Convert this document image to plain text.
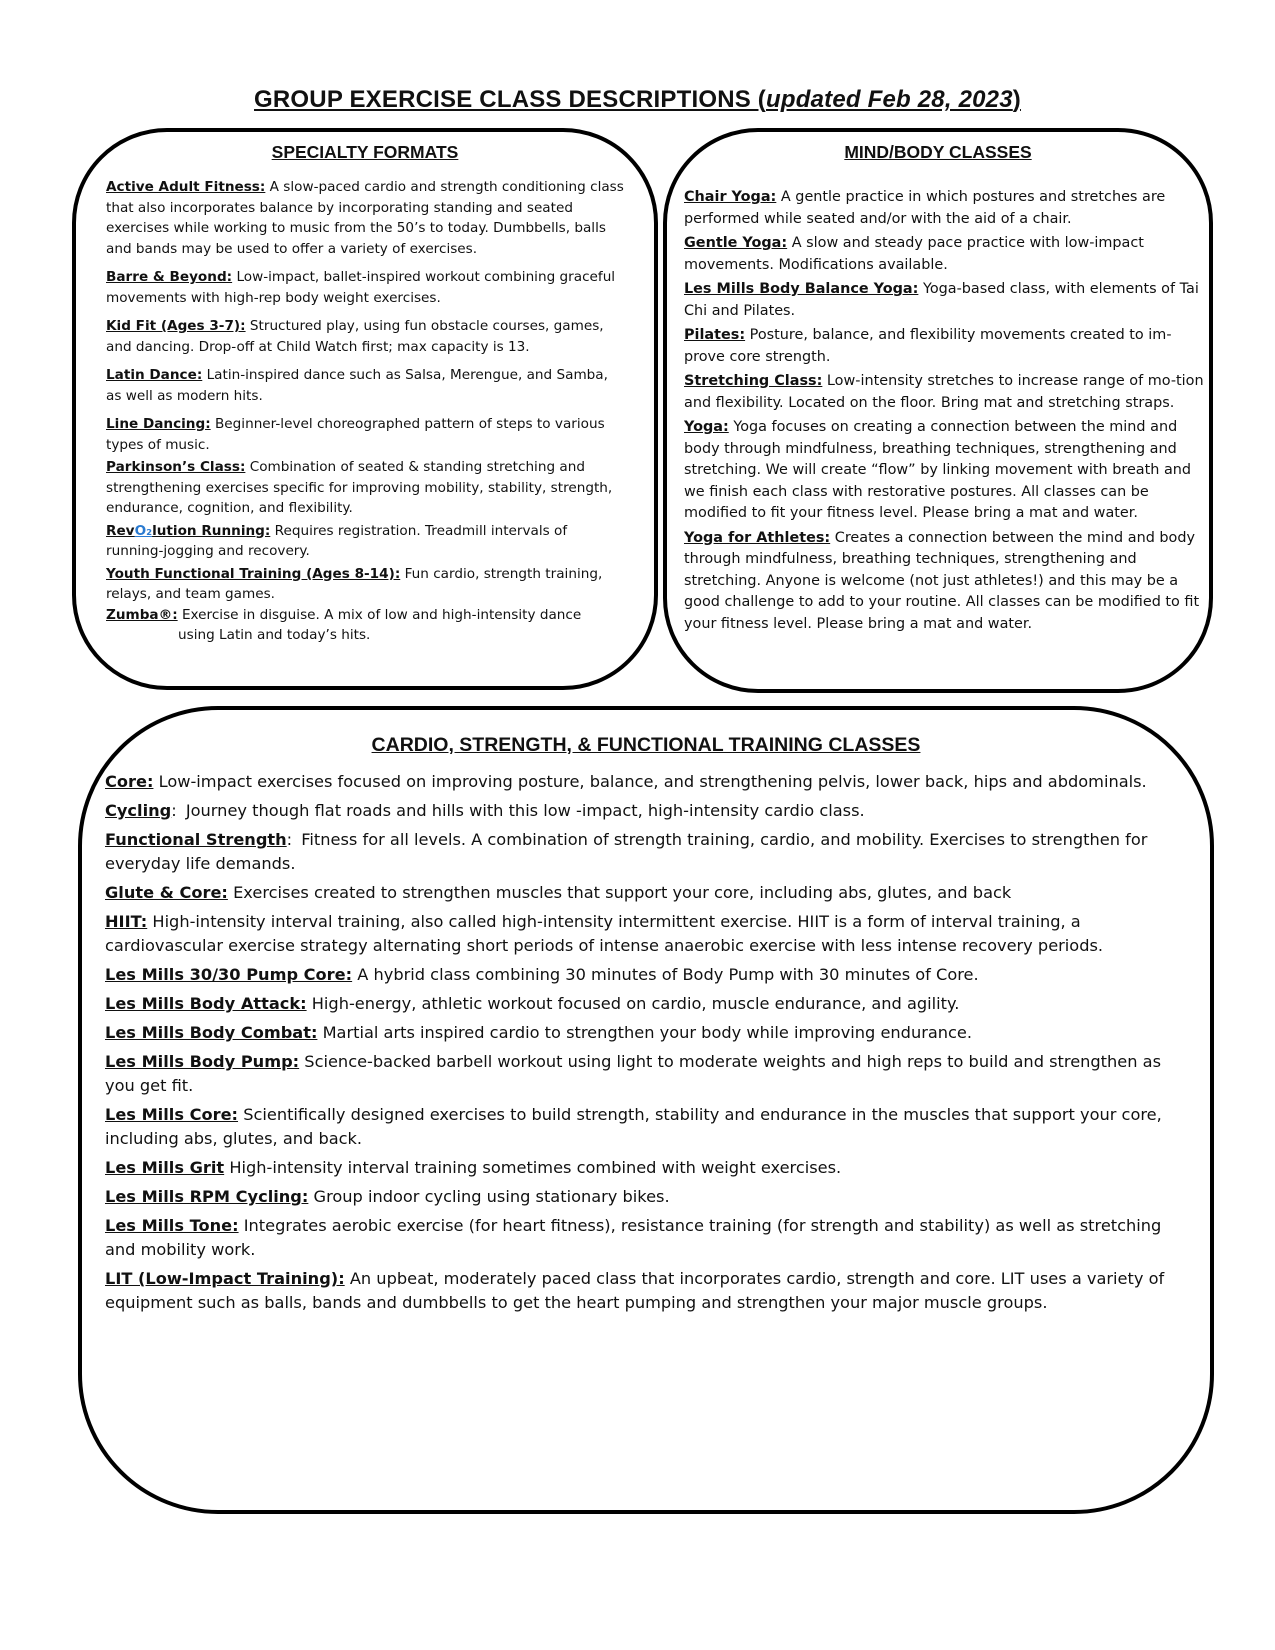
GROUP EXERCISE CLASS DESCRIPTIONS (updated Feb 28, 2023)
SPECIALTY FORMATS

Active Adult Fitness: A slow-paced cardio and strength conditioning class that also incorporates balance by incorporating standing and seated exercises while working to music from the 50’s to today. Dumbbells, balls and bands may be used to offer a variety of exercises.

Barre & Beyond: Low-impact, ballet-inspired workout combining graceful movements with high-rep body weight exercises.

Kid Fit (Ages 3-7): Structured play, using fun obstacle courses, games, and dancing. Drop-off at Child Watch first; max capacity is 13.

Latin Dance: Latin-inspired dance such as Salsa, Merengue, and Samba, as well as modern hits.

Line Dancing: Beginner-level choreographed pattern of steps to various types of music.

Parkinson’s Class: Combination of seated & standing stretching and strengthening exercises specific for improving mobility, stability, strength, endurance, cognition, and flexibility.

RevO₂lution Running: Requires registration. Treadmill intervals of running-jogging and recovery.

Youth Functional Training (Ages 8-14): Fun cardio, strength training, relays, and team games.

Zumba®: Exercise in disguise. A mix of low and high-intensity dance

using Latin and today’s hits.

MIND/BODY CLASSES

Chair Yoga: A gentle practice in which postures and stretches are performed while seated and/or with the aid of a chair.

Gentle Yoga: A slow and steady pace practice with low-impact movements. Modifications available.

Les Mills Body Balance Yoga: Yoga-based class, with elements of Tai Chi and Pilates.

Pilates: Posture, balance, and flexibility movements created to im-prove core strength.

Stretching Class: Low-intensity stretches to increase range of mo-tion and flexibility. Located on the floor. Bring mat and stretching straps.

Yoga: Yoga focuses on creating a connection between the mind and body through mindfulness, breathing techniques, strengthening and stretching. We will create “flow” by linking movement with breath and we finish each class with restorative postures. All classes can be modified to fit your fitness level. Please bring a mat and water.

Yoga for Athletes: Creates a connection between the mind and body through mindfulness, breathing techniques, strengthening and stretching. Anyone is welcome (not just athletes!) and this may be a good challenge to add to your routine. All classes can be modified to fit your fitness level. Please bring a mat and water.

CARDIO, STRENGTH, & FUNCTIONAL TRAINING CLASSES

Core: Low-impact exercises focused on improving posture, balance, and strengthening pelvis, lower back, hips and abdominals.

Cycling: Journey though flat roads and hills with this low -impact, high-intensity cardio class.

Functional Strength: Fitness for all levels. A combination of strength training, cardio, and mobility. Exercises to strengthen for everyday life demands.

Glute & Core: Exercises created to strengthen muscles that support your core, including abs, glutes, and back

HIIT: High-intensity interval training, also called high-intensity intermittent exercise. HIIT is a form of interval training, a cardiovascular exercise strategy alternating short periods of intense anaerobic exercise with less intense recovery periods.

Les Mills 30/30 Pump Core: A hybrid class combining 30 minutes of Body Pump with 30 minutes of Core.

Les Mills Body Attack: High-energy, athletic workout focused on cardio, muscle endurance, and agility.

Les Mills Body Combat: Martial arts inspired cardio to strengthen your body while improving endurance.

Les Mills Body Pump: Science-backed barbell workout using light to moderate weights and high reps to build and strengthen as you get fit.

Les Mills Core: Scientifically designed exercises to build strength, stability and endurance in the muscles that support your core, including abs, glutes, and back.

Les Mills Grit High-intensity interval training sometimes combined with weight exercises.

Les Mills RPM Cycling: Group indoor cycling using stationary bikes.

Les Mills Tone: Integrates aerobic exercise (for heart fitness), resistance training (for strength and stability) as well as stretching and mobility work.

LIT (Low-Impact Training): An upbeat, moderately paced class that incorporates cardio, strength and core. LIT uses a variety of equipment such as balls, bands and dumbbells to get the heart pumping and strengthen your major muscle groups.
